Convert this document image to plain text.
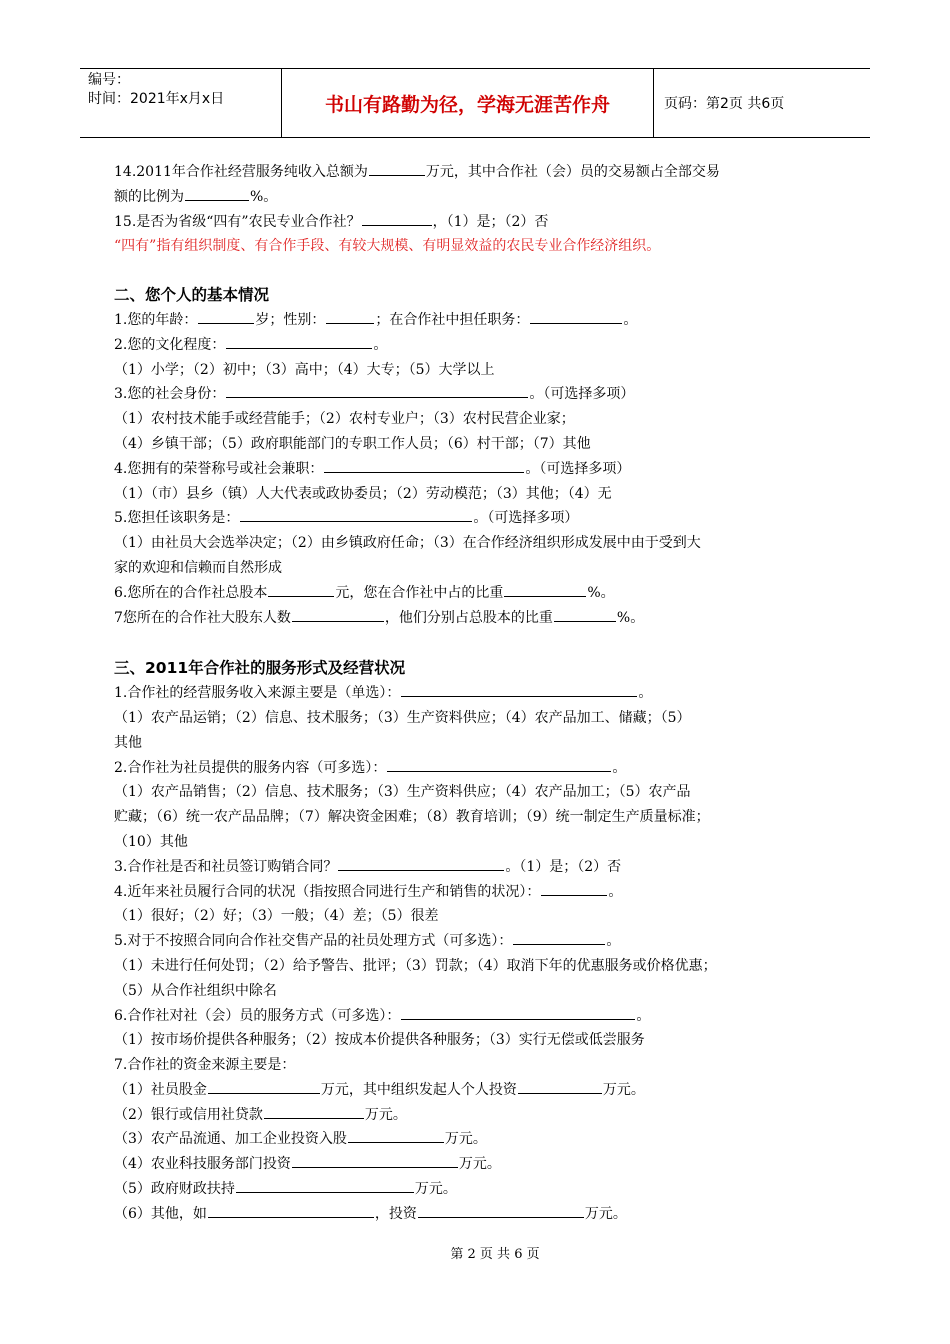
编号：
时间：2021年x月x日	书山有路勤为径，学海无涯苦作舟	页码：第2页 共6页
14.2011年合作社经营服务纯收入总额为	万元，其中合作社（会）员的交易额占全部交易
额的比例为	%。
15.是否为省级“四有”农民专业合作社？	，（1）是；（2）否
“四有”指有组织制度、有合作手段、有较大规模、有明显效益的农民专业合作经济组织。
二、您个人的基本情况
1.您的年龄：	岁；性别：	；在合作社中担任职务：	。
2.您的文化程度：	。
（1）小学；（2）初中；（3）高中；（4）大专；（5）大学以上
3.您的社会身份：	。（可选择多项）
（1）农村技术能手或经营能手；（2）农村专业户；（3）农村民营企业家；
（4）乡镇干部；（5）政府职能部门的专职工作人员；（6）村干部；（7）其他
4.您拥有的荣誉称号或社会兼职：	。（可选择多项）
（1）（市）县乡（镇）人大代表或政协委员；（2）劳动模范；（3）其他；（4）无
5.您担任该职务是：	。（可选择多项）
（1）由社员大会选举决定；（2）由乡镇政府任命；（3）在合作经济组织形成发展中由于受到大
家的欢迎和信赖而自然形成
6.您所在的合作社总股本	元，您在合作社中占的比重	%。
7您所在的合作社大股东人数	，他们分别占总股本的比重	%。
三、2011年合作社的服务形式及经营状况
1.合作社的经营服务收入来源主要是（单选）：	。
（1）农产品运销；（2）信息、技术服务；（3）生产资料供应；（4）农产品加工、储藏；（5）
其他
2.合作社为社员提供的服务内容（可多选）：	。
（1）农产品销售；（2）信息、技术服务；（3）生产资料供应；（4）农产品加工；（5）农产品
贮藏；（6）统一农产品品牌；（7）解决资金困难；（8）教育培训；（9）统一制定生产质量标准；
（10）其他
3.合作社是否和社员签订购销合同？	。（1）是；（2）否
4.近年来社员履行合同的状况（指按照合同进行生产和销售的状况）：	。
（1）很好；（2）好；（3）一般；（4）差；（5）很差
5.对于不按照合同向合作社交售产品的社员处理方式（可多选）：	。
（1）未进行任何处罚；（2）给予警告、批评；（3）罚款；（4）取消下年的优惠服务或价格优惠；
（5）从合作社组织中除名
6.合作社对社（会）员的服务方式（可多选）：	。
（1）按市场价提供各种服务；（2）按成本价提供各种服务；（3）实行无偿或低尝服务
7.合作社的资金来源主要是：
（1）社员股金	万元，其中组织发起人个人投资	万元。
（2）银行或信用社贷款	万元。
（3）农产品流通、加工企业投资入股	万元。
（4）农业科技服务部门投资	万元。
（5）政府财政扶持	万元。
（6）其他，如	，投资	万元。
第 2 页 共 6 页
